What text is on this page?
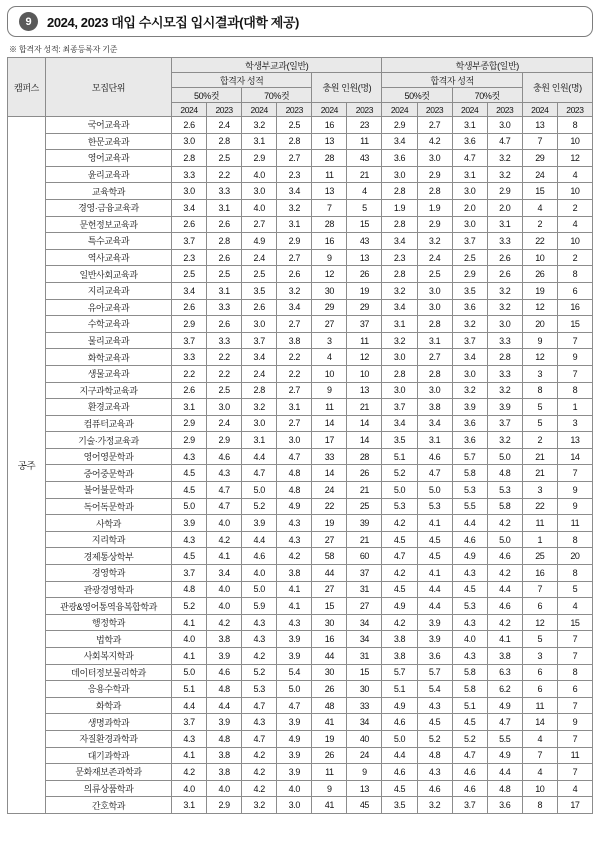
9	2024, 2023 대입 수시모집 입시결과(대학 제공)
※ 합격자 성적: 최종등록자 기준
캠퍼스	모집단위	학생부교과(일반)						학생부종합(일반)					
		합격자 성적				충원 인원(명)		합격자 성적				충원 인원(명)	
		50%컷		70%컷				50%컷		70%컷			
		2024	2023	2024	2023	2024	2023	2024	2023	2024	2023	2024	2023
공주	국어교육과	2.6	2.4	3.2	2.5	16	23	2.9	2.7	3.1	3.0	13	8
	한문교육과	3.0	2.8	3.1	2.8	13	11	3.4	4.2	3.6	4.7	7	10
	영어교육과	2.8	2.5	2.9	2.7	28	43	3.6	3.0	4.7	3.2	29	12
	윤리교육과	3.3	2.2	4.0	2.3	11	21	3.0	2.9	3.1	3.2	24	4
	교육학과	3.0	3.3	3.0	3.4	13	4	2.8	2.8	3.0	2.9	15	10
	경영·금융교육과	3.4	3.1	4.0	3.2	7	5	1.9	1.9	2.0	2.0	4	2
	문헌정보교육과	2.6	2.6	2.7	3.1	28	15	2.8	2.9	3.0	3.1	2	4
	특수교육과	3.7	2.8	4.9	2.9	16	43	3.4	3.2	3.7	3.3	22	10
	역사교육과	2.3	2.6	2.4	2.7	9	13	2.3	2.4	2.5	2.6	10	2
	일반사회교육과	2.5	2.5	2.5	2.6	12	26	2.8	2.5	2.9	2.6	26	8
	지리교육과	3.4	3.1	3.5	3.2	30	19	3.2	3.0	3.5	3.2	19	6
	유아교육과	2.6	3.3	2.6	3.4	29	29	3.4	3.0	3.6	3.2	12	16
	수학교육과	2.9	2.6	3.0	2.7	27	37	3.1	2.8	3.2	3.0	20	15
	물리교육과	3.7	3.3	3.7	3.8	3	11	3.2	3.1	3.7	3.3	9	7
	화학교육과	3.3	2.2	3.4	2.2	4	12	3.0	2.7	3.4	2.8	12	9
	생물교육과	2.2	2.2	2.4	2.2	10	10	2.8	2.8	3.0	3.3	3	7
	지구과학교육과	2.6	2.5	2.8	2.7	9	13	3.0	3.0	3.2	3.2	8	8
	환경교육과	3.1	3.0	3.2	3.1	11	21	3.7	3.8	3.9	3.9	5	1
	컴퓨터교육과	2.9	2.4	3.0	2.7	14	14	3.4	3.4	3.6	3.7	5	3
	기술·가정교육과	2.9	2.9	3.1	3.0	17	14	3.5	3.1	3.6	3.2	2	13
	영어영문학과	4.3	4.6	4.4	4.7	33	28	5.1	4.6	5.7	5.0	21	14
	중어중문학과	4.5	4.3	4.7	4.8	14	26	5.2	4.7	5.8	4.8	21	7
	불어불문학과	4.5	4.7	5.0	4.8	24	21	5.0	5.0	5.3	5.3	3	9
	독어독문학과	5.0	4.7	5.2	4.9	22	25	5.3	5.3	5.5	5.8	22	9
	사학과	3.9	4.0	3.9	4.3	19	39	4.2	4.1	4.4	4.2	11	11
	지리학과	4.3	4.2	4.4	4.3	27	21	4.5	4.5	4.6	5.0	1	8
	경제통상학부	4.5	4.1	4.6	4.2	58	60	4.7	4.5	4.9	4.6	25	20
	경영학과	3.7	3.4	4.0	3.8	44	37	4.2	4.1	4.3	4.2	16	8
	관광경영학과	4.8	4.0	5.0	4.1	27	31	4.5	4.4	4.5	4.4	7	5
	관광&영어통역융복합학과	5.2	4.0	5.9	4.1	15	27	4.9	4.4	5.3	4.6	6	4
	행정학과	4.1	4.2	4.3	4.3	30	34	4.2	3.9	4.3	4.2	12	15
	법학과	4.0	3.8	4.3	3.9	16	34	3.8	3.9	4.0	4.1	5	7
	사회복지학과	4.1	3.9	4.2	3.9	44	31	3.8	3.6	4.3	3.8	3	7
	데이터정보물리학과	5.0	4.6	5.2	5.4	30	15	5.7	5.7	5.8	6.3	6	8
	응용수학과	5.1	4.8	5.3	5.0	26	30	5.1	5.4	5.8	6.2	6	6
	화학과	4.4	4.4	4.7	4.7	48	33	4.9	4.3	5.1	4.9	11	7
	생명과학과	3.7	3.9	4.3	3.9	41	34	4.6	4.5	4.5	4.7	14	9
	자질환경과학과	4.3	4.8	4.7	4.9	19	40	5.0	5.2	5.2	5.5	4	7
	대기과학과	4.1	3.8	4.2	3.9	26	24	4.4	4.8	4.7	4.9	7	11
	문화재보존과학과	4.2	3.8	4.2	3.9	11	9	4.6	4.3	4.6	4.4	4	7
	의류상품학과	4.0	4.0	4.2	4.0	9	13	4.5	4.6	4.6	4.8	10	4
	간호학과	3.1	2.9	3.2	3.0	41	45	3.5	3.2	3.7	3.6	8	17
